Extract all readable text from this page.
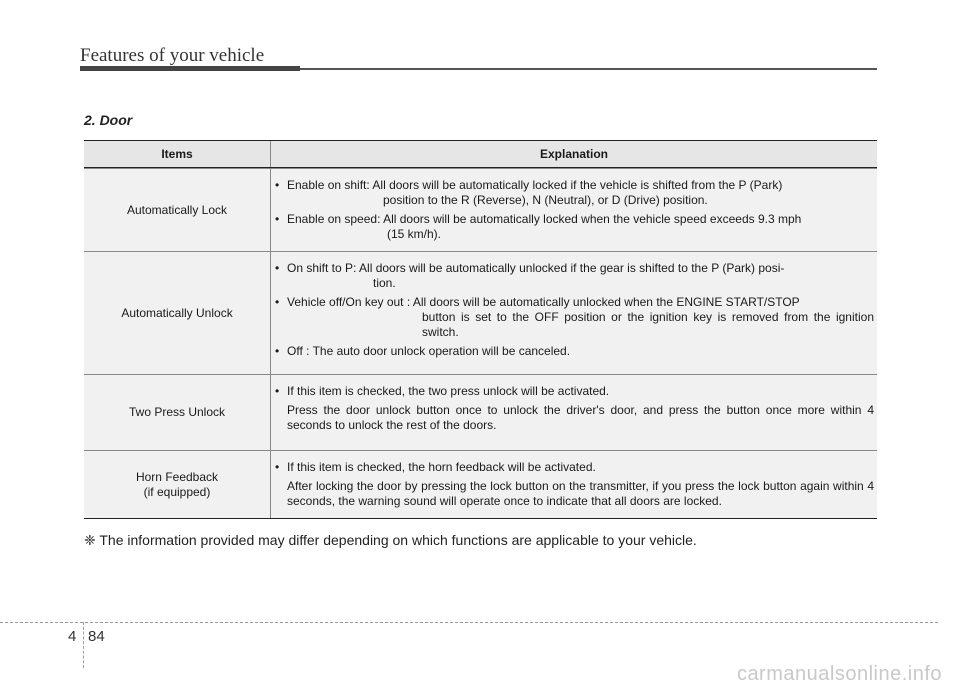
Features of your vehicle
2. Door
Items	Explanation
Automatically Lock
• Enable on shift: All doors will be automatically locked if the vehicle is shifted from the P (Park)
position to the R (Reverse), N (Neutral), or D (Drive) position.
• Enable on speed: All doors will be automatically locked when the vehicle speed exceeds 9.3 mph
(15 km/h).
Automatically Unlock
• On shift to P: All doors will be automatically unlocked if the gear is shifted to the P (Park) posi-
tion.
• Vehicle off/On key out : All doors will be automatically unlocked when the ENGINE START/STOP
button is set to the OFF position or the ignition key is removed from the ignition switch.
• Off : The auto door unlock operation will be canceled.
Two Press Unlock
• If this item is checked, the two press unlock will be activated.
Press the door unlock button once to unlock the driver's door, and press the button once more within 4 seconds to unlock the rest of the doors.
Horn Feedback
(if equipped)
• If this item is checked, the horn feedback will be activated.
After locking the door by pressing the lock button on the transmitter, if you press the lock button again within 4 seconds, the warning sound will operate once to indicate that all doors are locked.
❈ The information provided may differ depending on which functions are applicable to your vehicle.
4 84
carmanualsonline.info
